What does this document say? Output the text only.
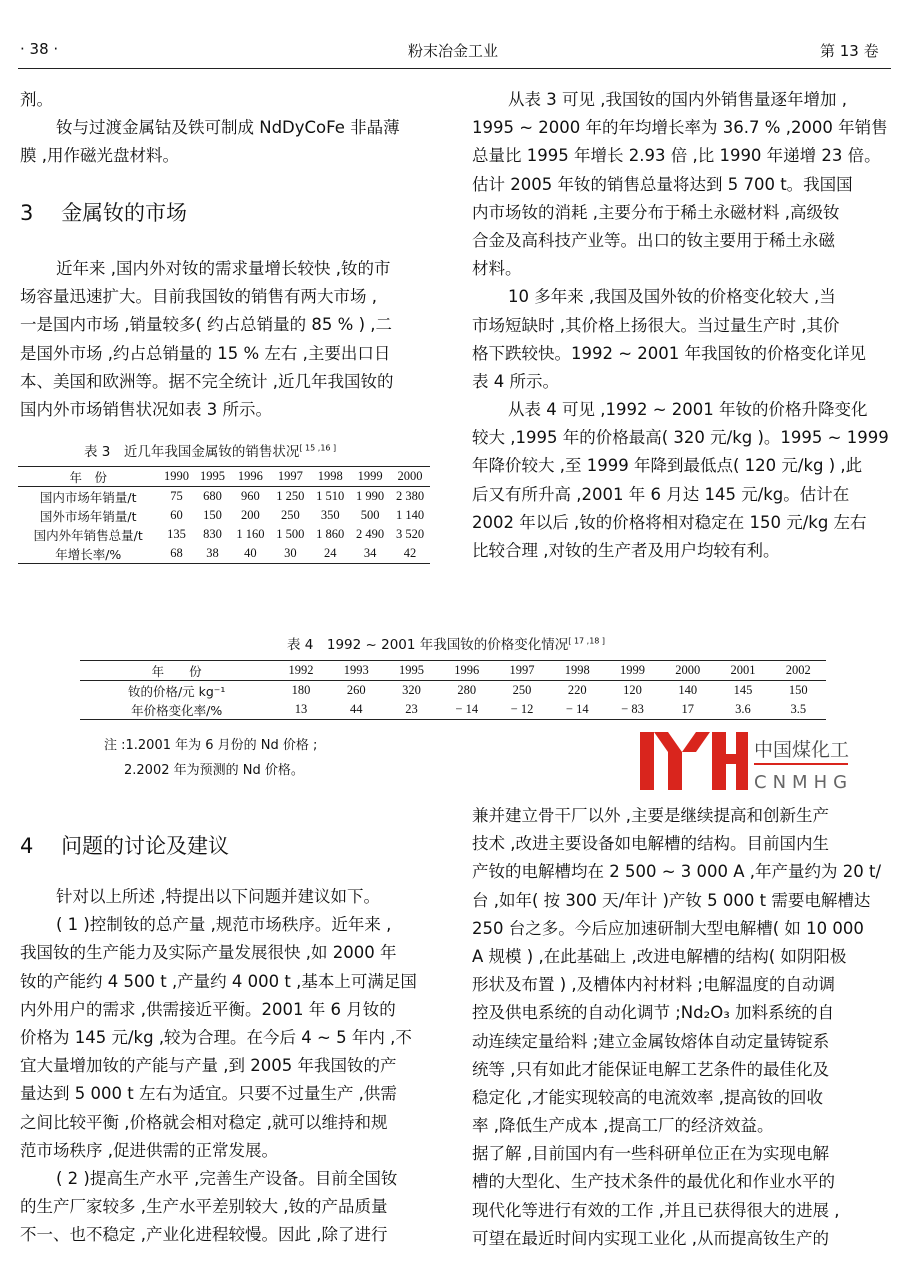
· 38 ·	粉末冶金工业	第 13 卷
剂。
钕与过渡金属钴及铁可制成 NdDyCoFe 非晶薄
膜 ,用作磁光盘材料。
3　 金属钕的市场
近年来 ,国内外对钕的需求量增长较快 ,钕的市
场容量迅速扩大。目前我国钕的销售有两大市场 ,
一是国内市场 ,销量较多( 约占总销量的 85 % ) ,二
是国外市场 ,约占总销量的 15 % 左右 ,主要出口日
本、美国和欧洲等。据不完全统计 ,近几年我国钕的
国内外市场销售状况如表 3 所示。
表 3　近几年我国金属钕的销售状况[ 15 ,16 ]
年　份	1990	1995	1996	1997	1998	1999	2000
国内市场年销量/t	75	680	960	1 250	1 510	1 990	2 380
国外市场年销量/t	60	150	200	250	350	500	1 140
国内外年销售总量/t	135	830	1 160	1 500	1 860	2 490	3 520
年增长率/%	68	38	40	30	24	34	42
从表 3 可见 ,我国钕的国内外销售量逐年增加 ,
1995 ~ 2000 年的年均增长率为 36.7 % ,2000 年销售
总量比 1995 年增长 2.93 倍 ,比 1990 年递增 23 倍。
估计 2005 年钕的销售总量将达到 5 700 t。我国国
内市场钕的消耗 ,主要分布于稀土永磁材料 ,高级钕
合金及高科技产业等。出口的钕主要用于稀土永磁
材料。
10 多年来 ,我国及国外钕的价格变化较大 ,当
市场短缺时 ,其价格上扬很大。当过量生产时 ,其价
格下跌较快。1992 ~ 2001 年我国钕的价格变化详见
表 4 所示。
从表 4 可见 ,1992 ~ 2001 年钕的价格升降变化
较大 ,1995 年的价格最高( 320 元/kg )。1995 ~ 1999
年降价较大 ,至 1999 年降到最低点( 120 元/kg ) ,此
后又有所升高 ,2001 年 6 月达 145 元/kg。估计在
2002 年以后 ,钕的价格将相对稳定在 150 元/kg 左右
比较合理 ,对钕的生产者及用户均较有利。
表 4　1992 ~ 2001 年我国钕的价格变化情况[ 17 ,18 ]
年　　份	1992	1993	1995	1996	1997	1998	1999	2000	2001	2002
钕的价格/元 kg⁻¹	180	260	320	280	250	220	120	140	145	150
年价格变化率/%	13	44	23	− 14	− 12	− 14	− 83	17	3.6	3.5
注 :1.2001 年为 6 月份的 Nd 价格 ;
2.2002 年为预测的 Nd 价格。
4　 问题的讨论及建议
针对以上所述 ,特提出以下问题并建议如下。
( 1 )控制钕的总产量 ,规范市场秩序。近年来 ,
我国钕的生产能力及实际产量发展很快 ,如 2000 年
钕的产能约 4 500 t ,产量约 4 000 t ,基本上可满足国
内外用户的需求 ,供需接近平衡。2001 年 6 月钕的
价格为 145 元/kg ,较为合理。在今后 4 ~ 5 年内 ,不
宜大量增加钕的产能与产量 ,到 2005 年我国钕的产
量达到 5 000 t 左右为适宜。只要不过量生产 ,供需
之间比较平衡 ,价格就会相对稳定 ,就可以维持和规
范市场秩序 ,促进供需的正常发展。
( 2 )提高生产水平 ,完善生产设备。目前全国钕
的生产厂家较多 ,生产水平差别较大 ,钕的产品质量
不一、也不稳定 ,产业化进程较慢。因此 ,除了进行
兼并建立骨干厂以外 ,主要是继续提高和创新生产
技术 ,改进主要设备如电解槽的结构。目前国内生
产钕的电解槽均在 2 500 ~ 3 000 A ,年产量约为 20 t/
台 ,如年( 按 300 天/年计 )产钕 5 000 t 需要电解槽达
250 台之多。今后应加速研制大型电解槽( 如 10 000
A 规模 ) ,在此基础上 ,改进电解槽的结构( 如阴阳极
形状及布置 ) ,及槽体内衬材料 ;电解温度的自动调
控及供电系统的自动化调节 ;Nd₂O₃ 加料系统的自
动连续定量给料 ;建立金属钕熔体自动定量铸锭系
统等 ,只有如此才能保证电解工艺条件的最佳化及
稳定化 ,才能实现较高的电流效率 ,提高钕的回收
率 ,降低生产成本 ,提高工厂的经济效益。
据了解 ,目前国内有一些科研单位正在为实现电解
槽的大型化、生产技术条件的最优化和作业水平的
现代化等进行有效的工作 ,并且已获得很大的进展 ,
可望在最近时间内实现工业化 ,从而提高钕生产的
中国煤化工
CNMHG
